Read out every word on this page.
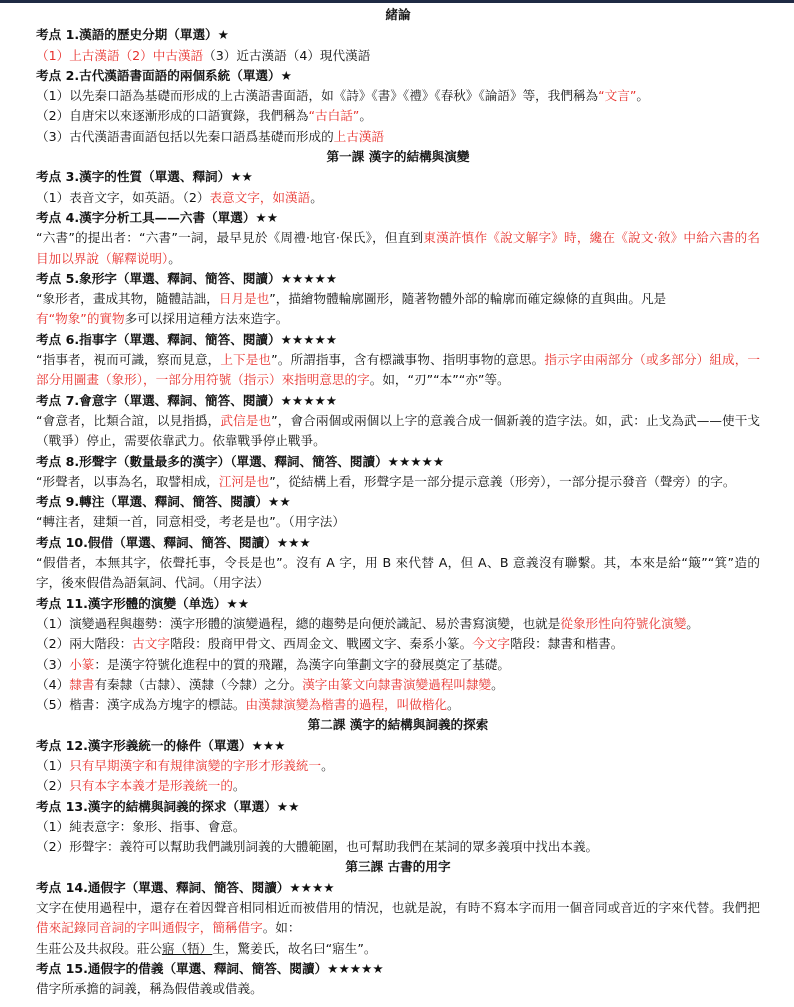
緒論
考点 1.漢語的歷史分期（單選）★
（1）上古漢語（2）中古漢語（3）近古漢語（4）現代漢語
考点 2.古代漢語書面語的兩個系統（單選）★
（1）以先秦口語為基礎而形成的上古漢語書面語，如《詩》《書》《禮》《春秋》《論語》等，我們稱為“文言”。
（2）自唐宋以來逐漸形成的口語實錄，我們稱為“古白話”。
（3）古代漢語書面語包括以先秦口語爲基礎而形成的上古漢語
第一課 漢字的結構與演變
考点 3.漢字的性質（單選、釋詞）★★
（1）表音文字，如英語。（2）表意文字，如漢語。
考点 4.漢字分析工具——六書（單選）★★
“六書”的提出者：“六書”一詞，最早見於《周禮·地官·保氏》，但直到東漢許慎作《說文解字》時，纔在《說文·敘》中給六書的名目加以界說（解釋说明）。
考点 5.象形字（單選、釋詞、簡答、閱讀）★★★★★
“象形者，畫成其物，隨體詰詘，日月是也”，描繪物體輪廓圖形，隨著物體外部的輪廓而確定線條的直與曲。凡是
有“物象”的實物多可以採用這種方法來造字。
考点 6.指事字（單選、釋詞、簡答、閱讀）★★★★★
“指事者，視而可識，察而見意，上下是也”。所謂指事，含有標識事物、指明事物的意思。指示字由兩部分（或多部分）組成，一部分用圖畫（象形），一部分用符號（指示）來指明意思的字。如，“刃”“本”“亦”等。
考点 7.會意字（單選、釋詞、簡答、閱讀）★★★★★
“會意者，比類合誼，以見指撝，武信是也”，會合兩個或兩個以上字的意義合成一個新義的造字法。如，武：止戈為武——使干戈（戰爭）停止，需要依靠武力。依靠戰爭停止戰爭。
考点 8.形聲字（數量最多的漢字）（單選、釋詞、簡答、閱讀）★★★★★
“形聲者，以事為名，取譬相成，江河是也”，從結構上看，形聲字是一部分提示意義（形旁），一部分提示發音（聲旁）的字。
考点 9.轉注（單選、釋詞、簡答、閱讀）★★
“轉注者，建類一首，同意相受，考老是也”。（用字法）
考点 10.假借（單選、釋詞、簡答、閱讀）★★★
“假借者，本無其字，依聲托事，令長是也”。沒有 A 字，用 B 來代替 A，但 A、B 意義沒有聯繫。其，本來是給“簸”“箕”造的字，後來假借為語氣詞、代詞。（用字法）
考点 11.漢字形體的演變（单选）★★
（1）演變過程與趨勢：漢字形體的演變過程，總的趨勢是向便於識記、易於書寫演變，也就是從象形性向符號化演變。
（2）兩大階段：古文字階段：殷商甲骨文、西周金文、戰國文字、秦系小篆。今文字階段：隸書和楷書。
（3）小篆：是漢字符號化進程中的質的飛躍，為漢字向筆劃文字的發展奠定了基礎。
（4）隸書有秦隸（古隸）、漢隸（今隸）之分。漢字由篆文向隸書演變過程叫隸變。
（5）楷書：漢字成為方塊字的標誌。由漢隸演變為楷書的過程，叫做楷化。
第二課 漢字的結構與詞義的探索
考点 12.漢字形義統一的條件（單選）★★★
（1）只有早期漢字和有規律演變的字形才形義統一。
（2）只有本字本義才是形義統一的。
考点 13.漢字的結構與詞義的探求（單選）★★
（1）純表意字：象形、指事、會意。
（2）形聲字：義符可以幫助我們識別詞義的大體範圍，也可幫助我們在某詞的眾多義項中找出本義。
第三課 古書的用字
考点 14.通假字（單選、釋詞、簡答、閱讀）★★★★
文字在使用過程中，還存在着因聲音相同相近而被借用的情況，也就是說，有時不寫本字而用一個音同或音近的字來代替。我們把借來記錄同音詞的字叫通假字，簡稱借字。如：
生莊公及共叔段。莊公寤（牾）生，驚姜氏，故名曰“寤生”。
考点 15.通假字的借義（單選、釋詞、簡答、閱讀）★★★★★
借字所承擔的詞義，稱為假借義或借義。
